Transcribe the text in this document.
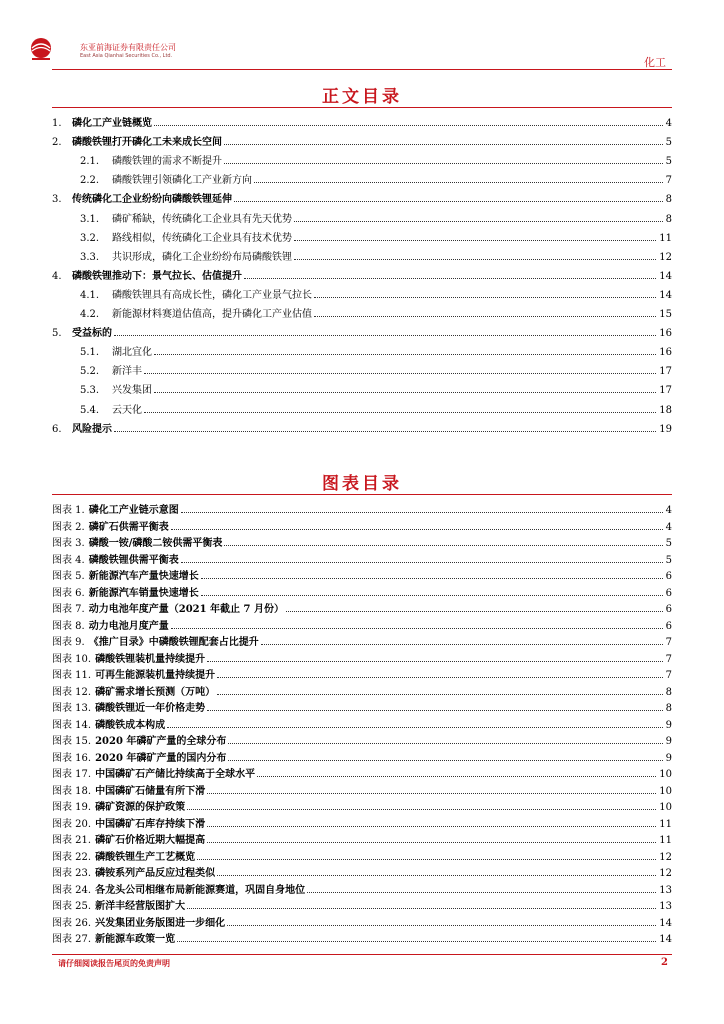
东亚前海证券有限责任公司
East Asia Qianhai Securities Co., Ltd.	化工
正文目录
1.	磷化工产业链概览	4
2.	磷酸铁锂打开磷化工未来成长空间	5
2.1.	磷酸铁锂的需求不断提升	5
2.2.	磷酸铁锂引领磷化工产业新方向	7
3.	传统磷化工企业纷纷向磷酸铁锂延伸	8
3.1.	磷矿稀缺，传统磷化工企业具有先天优势	8
3.2.	路线相似，传统磷化工企业具有技术优势	11
3.3.	共识形成，磷化工企业纷纷布局磷酸铁锂	12
4.	磷酸铁锂推动下：景气拉长、估值提升	14
4.1.	磷酸铁锂具有高成长性，磷化工产业景气拉长	14
4.2.	新能源材料赛道估值高，提升磷化工产业估值	15
5.	受益标的	16
5.1.	湖北宜化	16
5.2.	新洋丰	17
5.3.	兴发集团	17
5.4.	云天化	18
6.	风险提示	19
图表目录
图表 1. 磷化工产业链示意图	4
图表 2. 磷矿石供需平衡表	4
图表 3. 磷酸一铵/磷酸二铵供需平衡表	5
图表 4. 磷酸铁锂供需平衡表	5
图表 5. 新能源汽车产量快速增长	6
图表 6. 新能源汽车销量快速增长	6
图表 7. 动力电池年度产量（2021 年截止 7 月份）	6
图表 8. 动力电池月度产量	6
图表 9. 《推广目录》中磷酸铁锂配套占比提升	7
图表 10. 磷酸铁锂装机量持续提升	7
图表 11. 可再生能源装机量持续提升	7
图表 12. 磷矿需求增长预测（万吨）	8
图表 13. 磷酸铁锂近一年价格走势	8
图表 14. 磷酸铁成本构成	9
图表 15. 2020 年磷矿产量的全球分布	9
图表 16. 2020 年磷矿产量的国内分布	9
图表 17. 中国磷矿石产储比持续高于全球水平	10
图表 18. 中国磷矿石储量有所下滑	10
图表 19. 磷矿资源的保护政策	10
图表 20. 中国磷矿石库存持续下滑	11
图表 21. 磷矿石价格近期大幅提高	11
图表 22. 磷酸铁锂生产工艺概览	12
图表 23. 磷铵系列产品反应过程类似	12
图表 24. 各龙头公司相继布局新能源赛道，巩固自身地位	13
图表 25. 新洋丰经营版图扩大	13
图表 26. 兴发集团业务版图进一步细化	14
图表 27. 新能源车政策一览	14
请仔细阅读报告尾页的免责声明	2
